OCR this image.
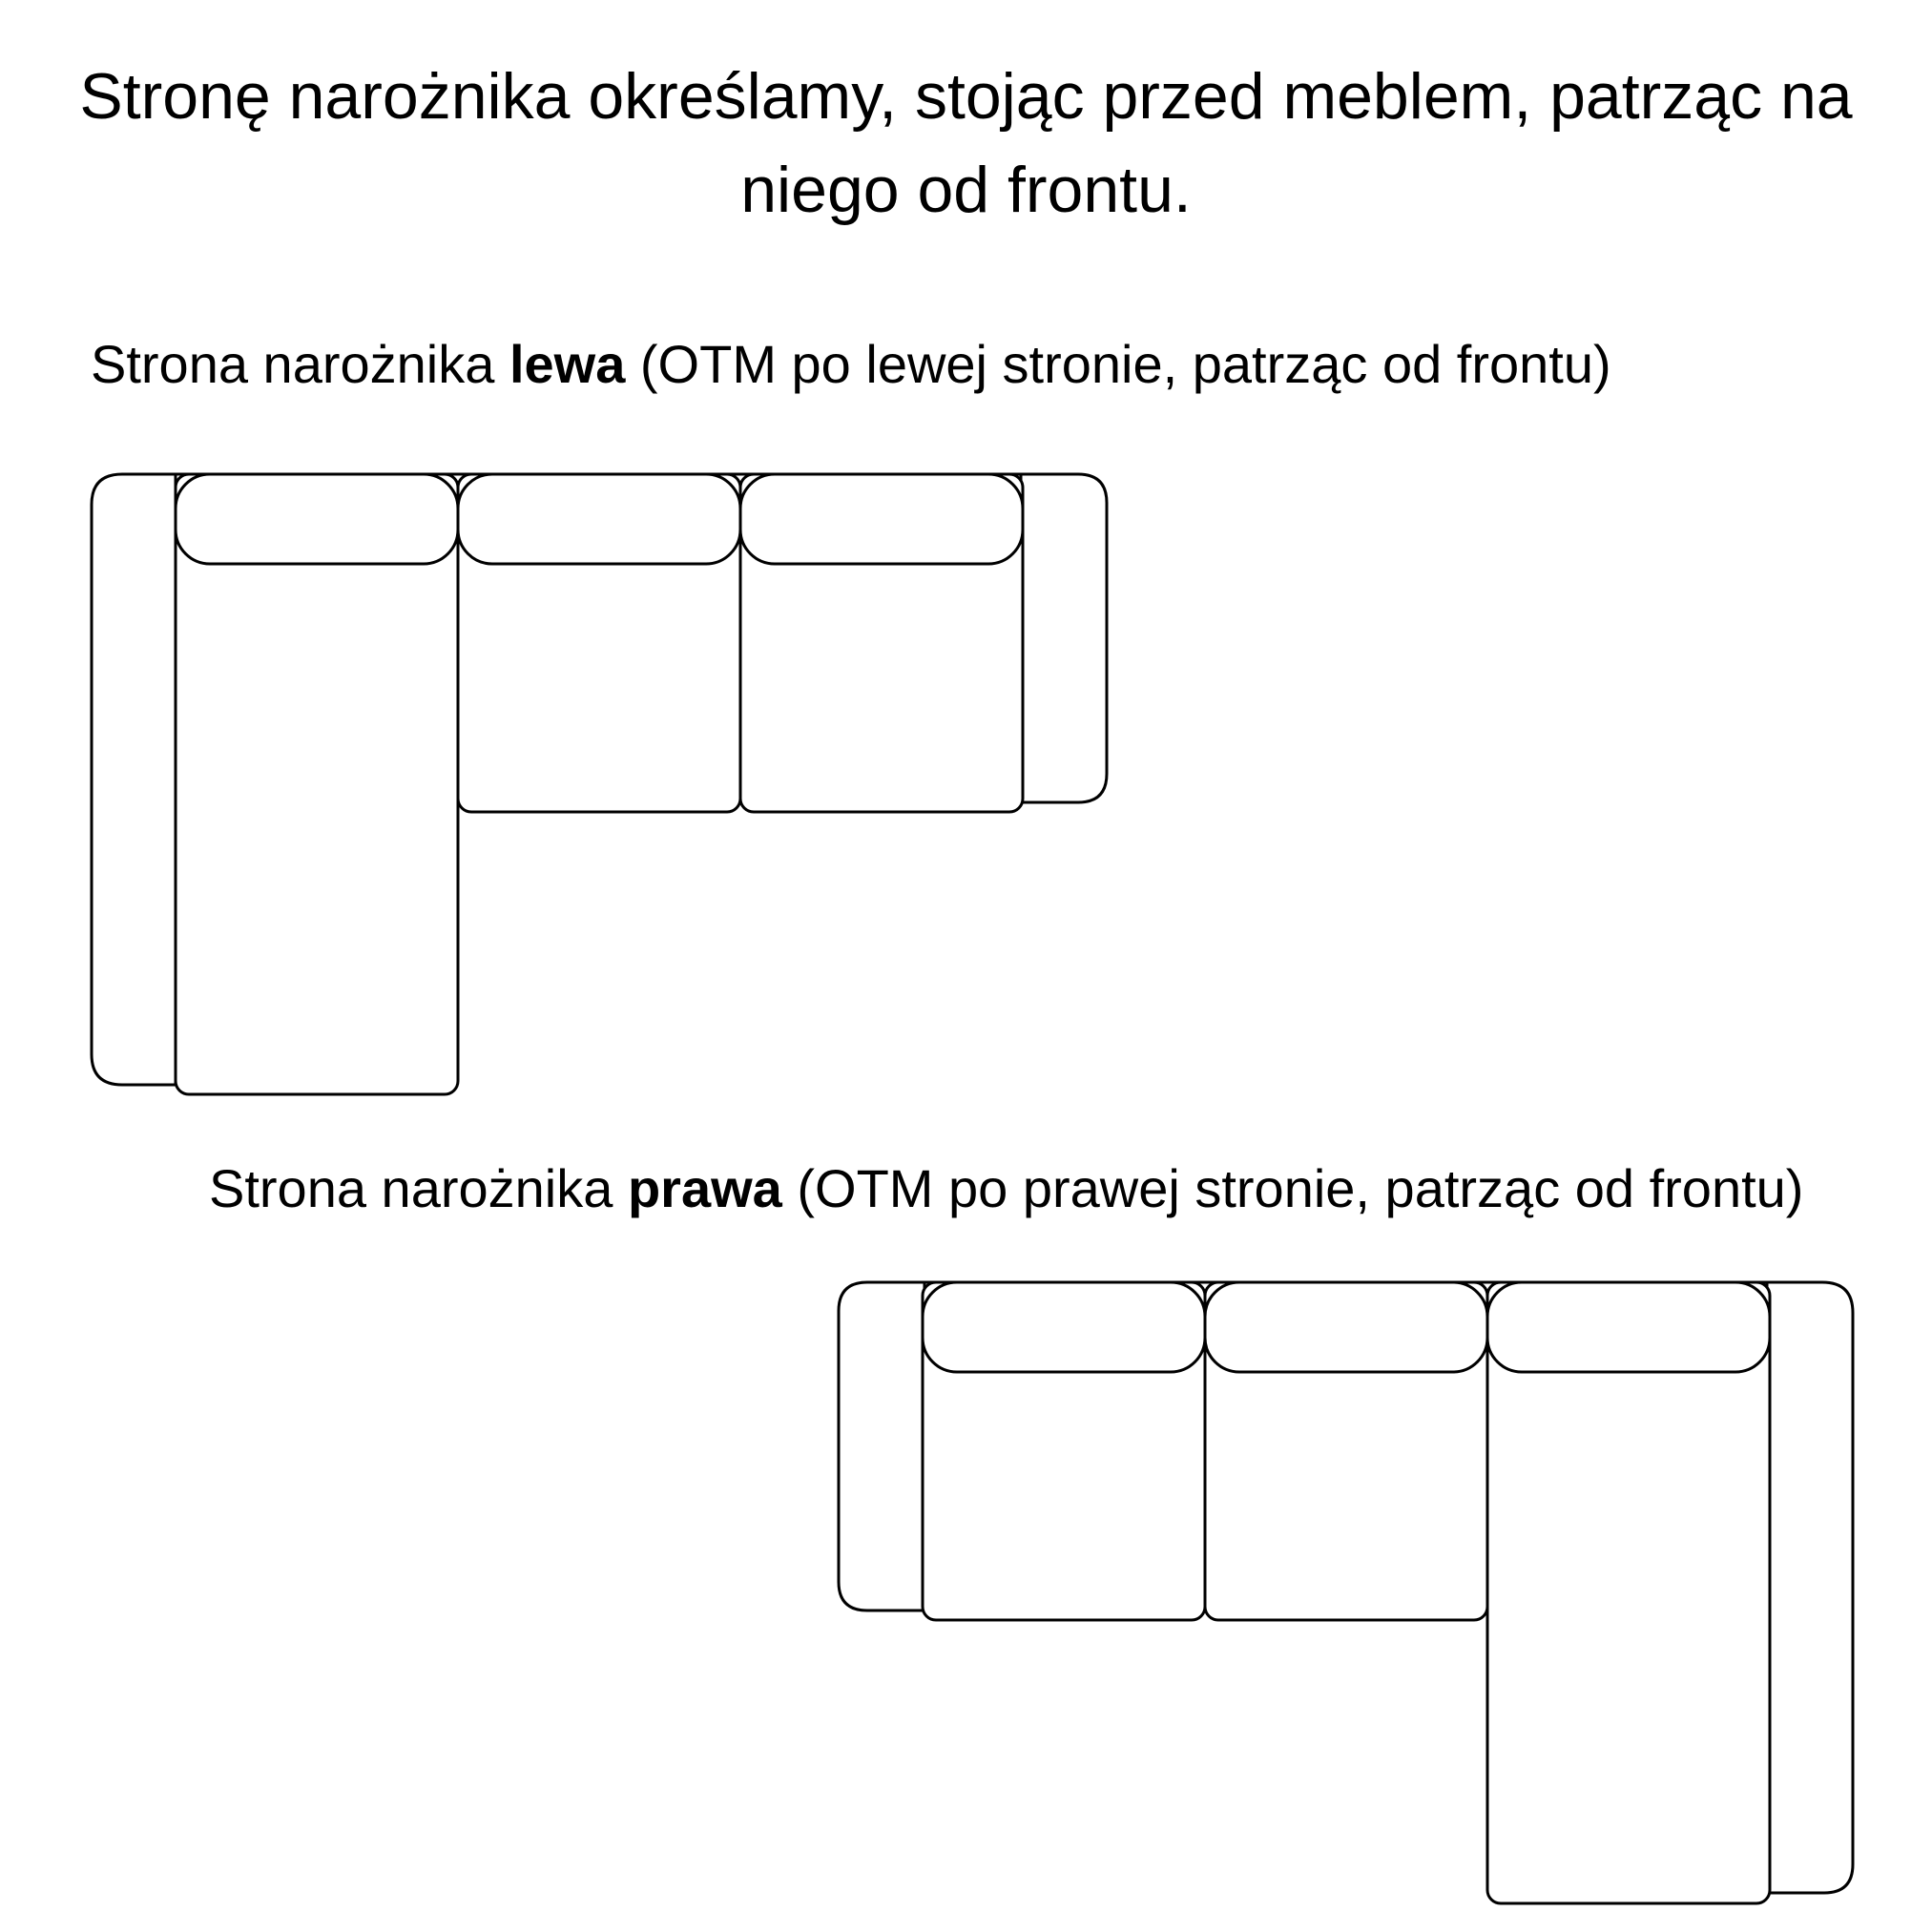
Stronę narożnika określamy, stojąc przed meblem, patrząc na niego od frontu.

Strona narożnika lewa (OTM po lewej stronie, patrząc od frontu)

Strona narożnika prawa (OTM po prawej stronie, patrząc od frontu)
